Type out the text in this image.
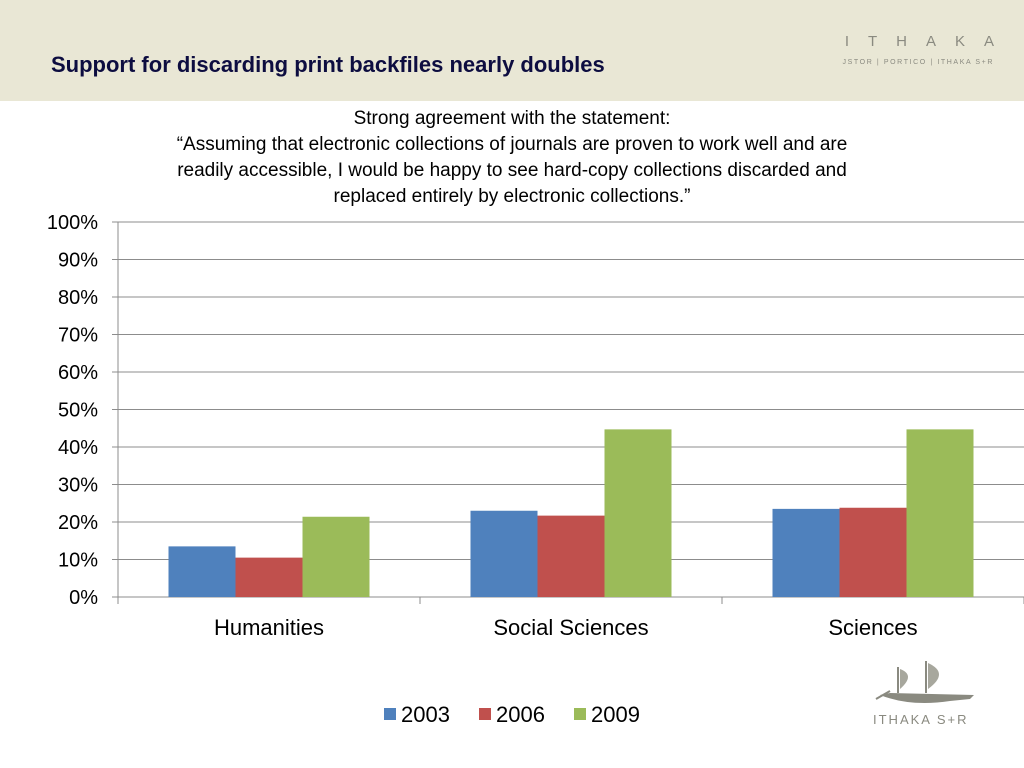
Support for discarding print backfiles nearly doubles
ITHAKA
JSTOR | PORTICO | ITHAKA S+R
Strong agreement with the statement:
“Assuming that electronic collections of journals are proven to work well and are
readily accessible, I would be happy to see hard-copy collections discarded and
replaced entirely by electronic collections.”
0%
10%
20%
30%
40%
50%
60%
70%
80%
90%
100%
Humanities	Social Sciences	Sciences
2003 2006 2009	ITHAKA S+R
